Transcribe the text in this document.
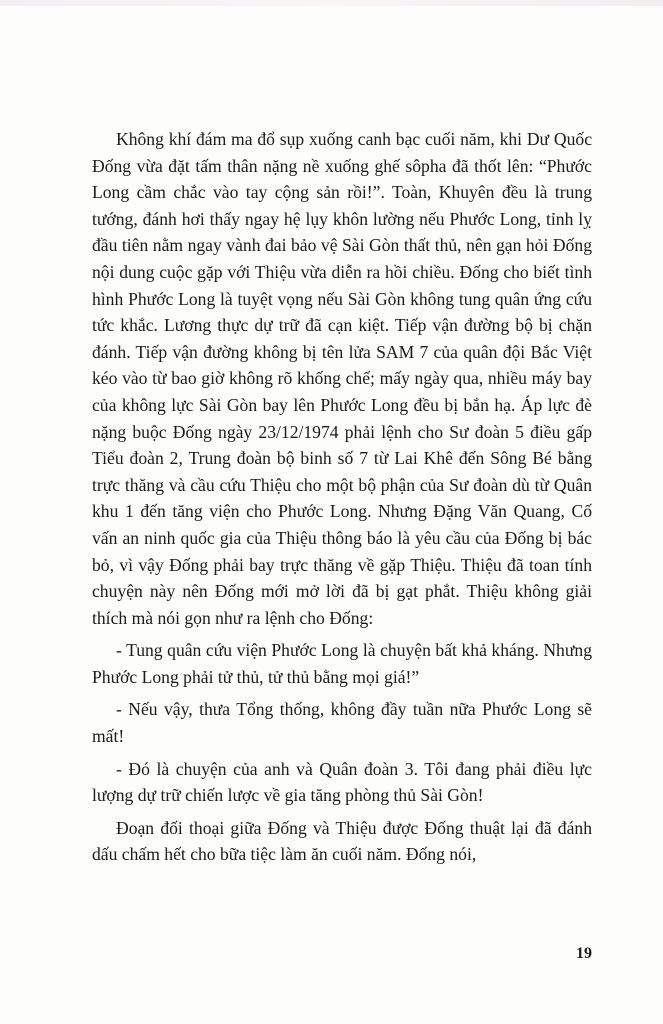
Không khí đám ma đổ sụp xuống canh bạc cuối năm, khi Dư Quốc Đống vừa đặt tấm thân nặng nề xuống ghế sôpha đã thốt lên: “Phước Long cầm chắc vào tay cộng sản rồi!”. Toàn, Khuyên đều là trung tướng, đánh hơi thấy ngay hệ lụy khôn lường nếu Phước Long, tỉnh lỵ đầu tiên nằm ngay vành đai bảo vệ Sài Gòn thất thủ, nên gạn hỏi Đống nội dung cuộc gặp với Thiệu vừa diễn ra hồi chiều. Đống cho biết tình hình Phước Long là tuyệt vọng nếu Sài Gòn không tung quân ứng cứu tức khắc. Lương thực dự trữ đã cạn kiệt. Tiếp vận đường bộ bị chặn đánh. Tiếp vận đường không bị tên lửa SAM 7 của quân đội Bắc Việt kéo vào từ bao giờ không rõ khống chế; mấy ngày qua, nhiều máy bay của không lực Sài Gòn bay lên Phước Long đều bị bắn hạ. Áp lực đè nặng buộc Đống ngày 23/12/1974 phải lệnh cho Sư đoàn 5 điều gấp Tiểu đoàn 2, Trung đoàn bộ binh số 7 từ Lai Khê đến Sông Bé bằng trực thăng và cầu cứu Thiệu cho một bộ phận của Sư đoàn dù từ Quân khu 1 đến tăng viện cho Phước Long. Nhưng Đặng Văn Quang, Cố vấn an ninh quốc gia của Thiệu thông báo là yêu cầu của Đống bị bác bỏ, vì vậy Đống phải bay trực thăng về gặp Thiệu. Thiệu đã toan tính chuyện này nên Đống mới mở lời đã bị gạt phắt. Thiệu không giải thích mà nói gọn như ra lệnh cho Đống:

- Tung quân cứu viện Phước Long là chuyện bất khả kháng. Nhưng Phước Long phải tử thủ, tử thủ bằng mọi giá!”

- Nếu vậy, thưa Tổng thống, không đầy tuần nữa Phước Long sẽ mất!

- Đó là chuyện của anh và Quân đoàn 3. Tôi đang phải điều lực lượng dự trữ chiến lược về gia tăng phòng thủ Sài Gòn!

Đoạn đối thoại giữa Đống và Thiệu được Đống thuật lại đã đánh dấu chấm hết cho bữa tiệc làm ăn cuối năm. Đống nói,

19
